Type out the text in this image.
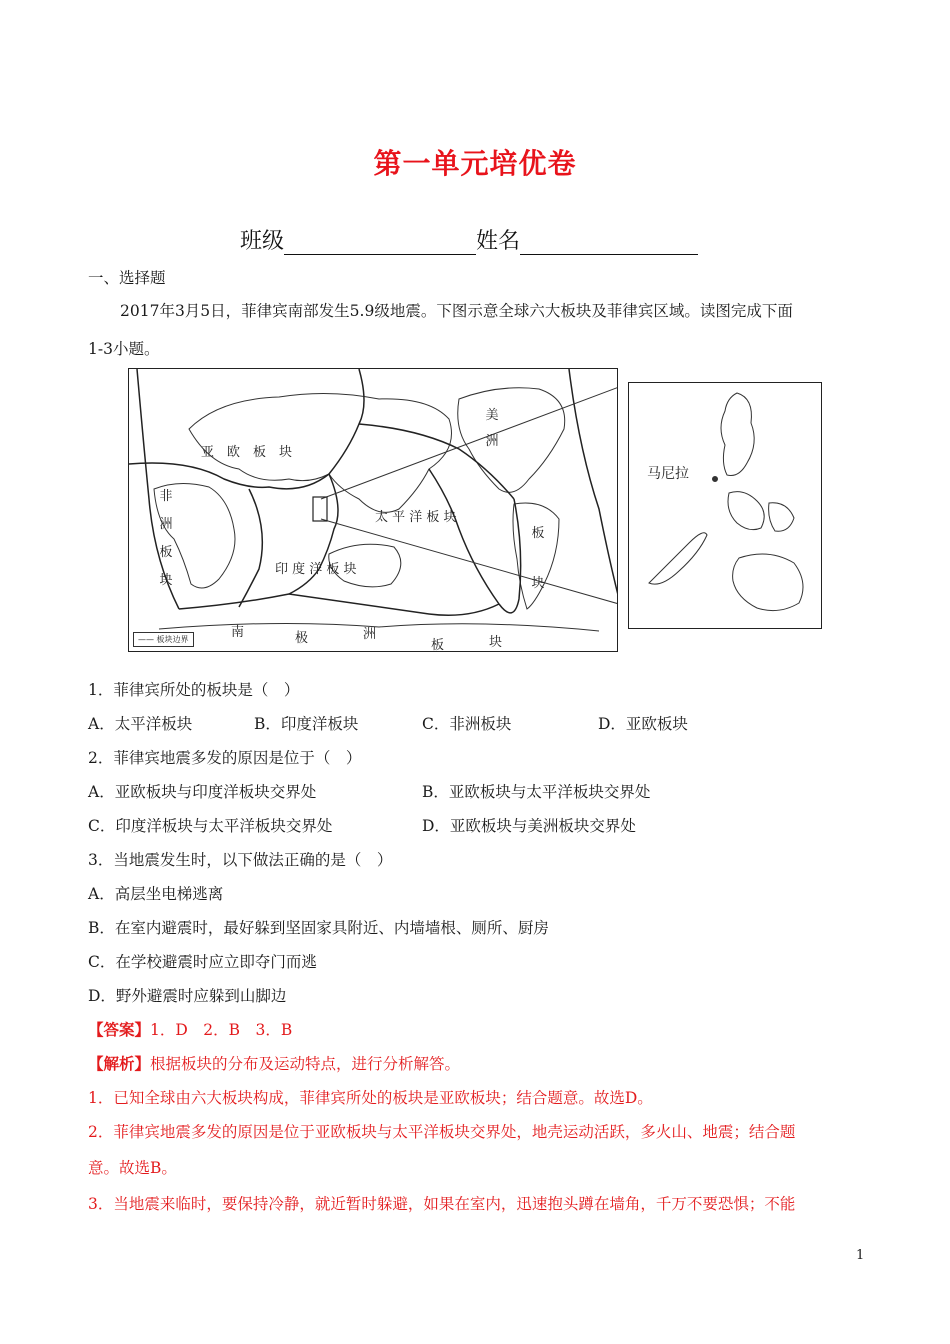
第一单元培优卷
班级	姓名
一、选择题
2017年3月5日，菲律宾南部发生5.9级地震。下图示意全球六大板块及菲律宾区域。读图完成下面
1-3小题。
亚　欧　板　块
非
洲
板
块
美
洲
板
块
太 平 洋 板 块
印 度 洋 板 块
南	极	洲
板	块
—— 板块边界
马尼拉
1．菲律宾所处的板块是（　）
A．太平洋板块	B．印度洋板块	C．非洲板块	D．亚欧板块
2．菲律宾地震多发的原因是位于（　）
A．亚欧板块与印度洋板块交界处	B．亚欧板块与太平洋板块交界处
C．印度洋板块与太平洋板块交界处	D．亚欧板块与美洲板块交界处
3．当地震发生时，以下做法正确的是（　）
A．高层坐电梯逃离
B．在室内避震时，最好躲到坚固家具附近、内墙墙根、厕所、厨房
C．在学校避震时应立即夺门而逃
D．野外避震时应躲到山脚边
【答案】1．D　2．B　3．B
【解析】根据板块的分布及运动特点，进行分析解答。
1．已知全球由六大板块构成，菲律宾所处的板块是亚欧板块；结合题意。故选D。
2．菲律宾地震多发的原因是位于亚欧板块与太平洋板块交界处，地壳运动活跃，多火山、地震；结合题
意。故选B。
3．当地震来临时，要保持冷静，就近暂时躲避，如果在室内，迅速抱头蹲在墙角，千万不要恐惧；不能
1
